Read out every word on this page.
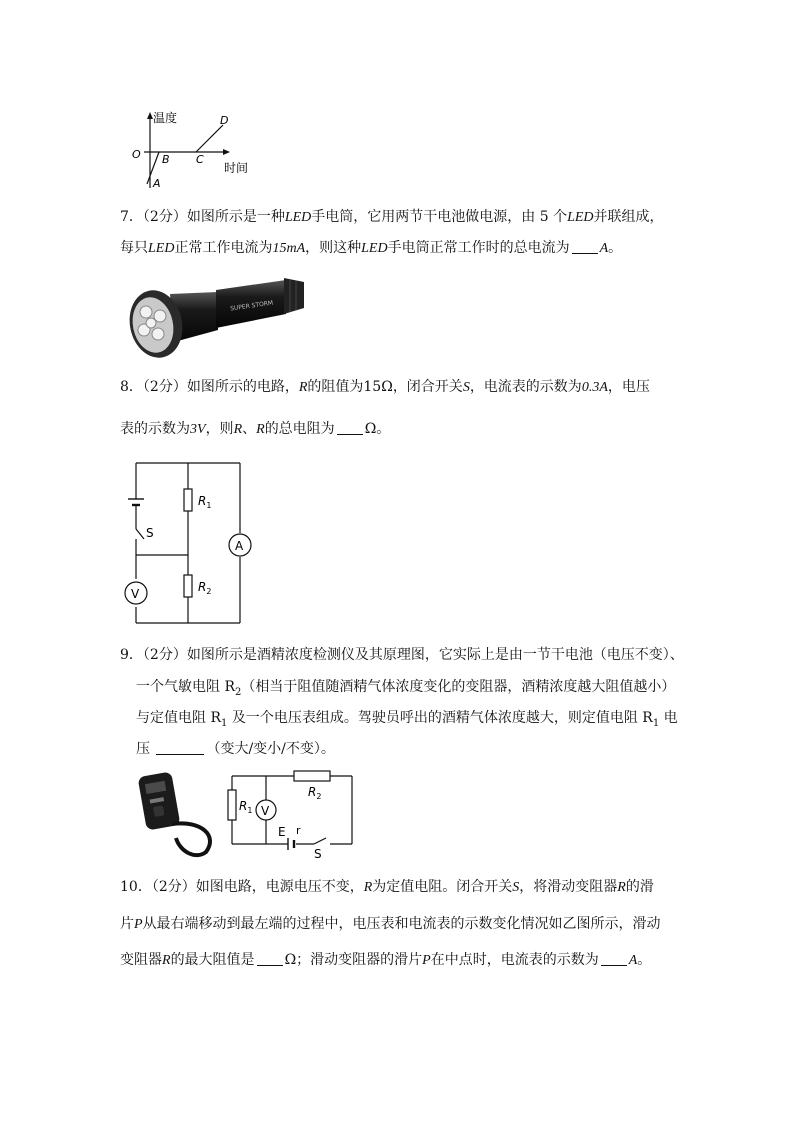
温度
时间
O
A
B C
D
7．（2分）如图所示是一种LED手电筒，它用两节干电池做电源，由 5 个LED并联组成，
每只LED正常工作电流为15mA，则这种LED手电筒正常工作时的总电流为 A。
SUPER STORM
8．（2分）如图所示的电路，R的阻值为15Ω，闭合开关S，电流表的示数为0.3A，电压
表的示数为3V，则R、R的总电阻为 Ω。
$R_1$
$R_2$
S
A
V
9．（2分）如图所示是酒精浓度检测仪及其原理图，它实际上是由一节干电池（电压不变）、
一个气敏电阻 $R_2$（相当于阻值随酒精气体浓度变化的变阻器，酒精浓度越大阻值越小）
与定值电阻 $R_1$ 及一个电压表组成。驾驶员呼出的酒精气体浓度越大，则定值电阻 $R_1$ 电
压	（变大/变小/不变）。
$R_2$
$R_1$ V
E r
S
10．（2分）如图电路，电源电压不变，R为定值电阻。闭合开关S，将滑动变阻器R的滑
片P从最右端移动到最左端的过程中，电压表和电流表的示数变化情况如乙图所示，滑动
变阻器R的最大阻值是 Ω；滑动变阻器的滑片P在中点时，电流表的示数为 A。
